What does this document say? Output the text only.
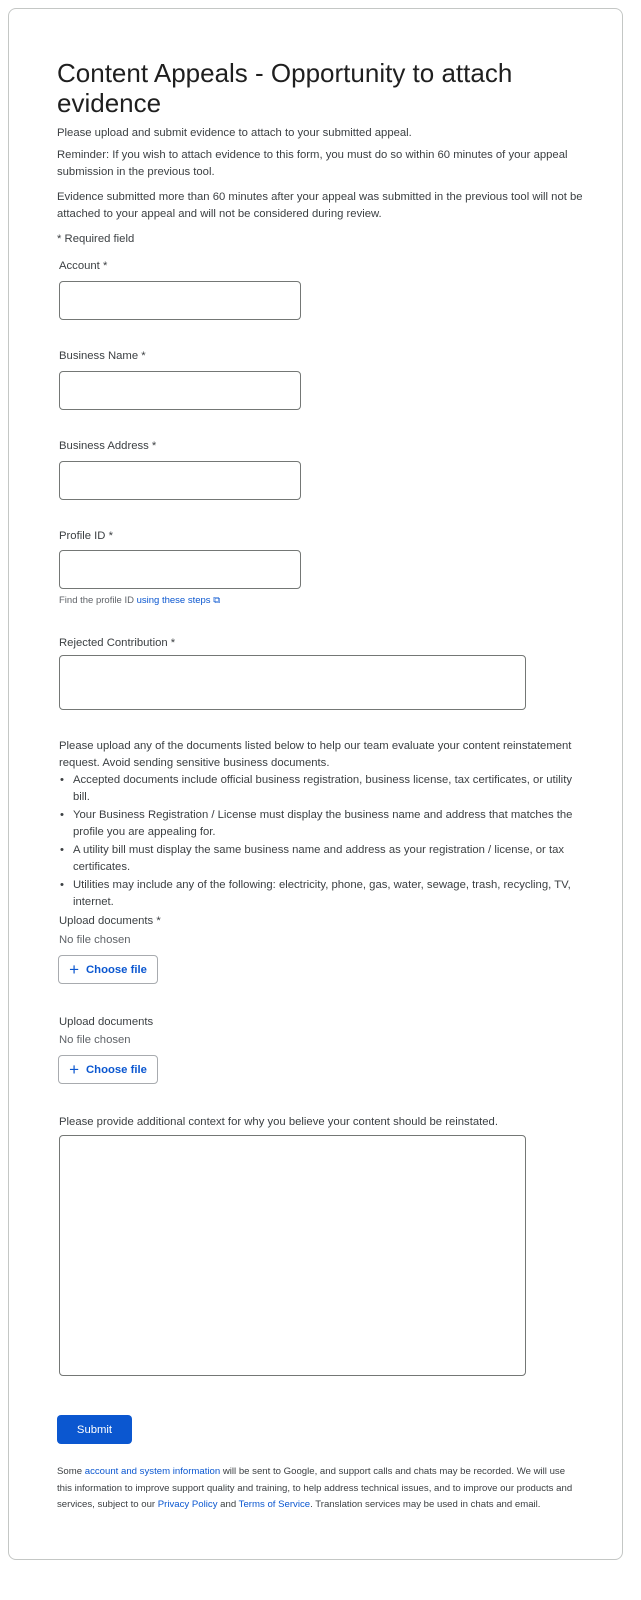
Content Appeals - Opportunity to attach evidence

Please upload and submit evidence to attach to your submitted appeal.

Reminder: If you wish to attach evidence to this form, you must do so within 60 minutes of your appeal submission in the previous tool.

Evidence submitted more than 60 minutes after your appeal was submitted in the previous tool will not be attached to your appeal and will not be considered during review.

* Required field

Account *
Business Name *
Business Address *
Profile ID *
Find the profile ID using these steps ⧉
Rejected Contribution *

Please upload any of the documents listed below to help our team evaluate your content reinstatement request. Avoid sending sensitive business documents.

• Accepted documents include official business registration, business license, tax certificates, or utility bill.
• Your Business Registration / License must display the business name and address that matches the profile you are appealing for.
• A utility bill must display the same business name and address as your registration / license, or tax certificates.
• Utilities may include any of the following: electricity, phone, gas, water, sewage, trash, recycling, TV, internet.
Upload documents *
No file chosen
+ Choose file
Upload documents
No file chosen
+ Choose file
Please provide additional context for why you believe your content should be reinstated.
Submit

Some account and system information will be sent to Google, and support calls and chats may be recorded. We will use this information to improve support quality and training, to help address technical issues, and to improve our products and services, subject to our Privacy Policy and Terms of Service. Translation services may be used in chats and email.
